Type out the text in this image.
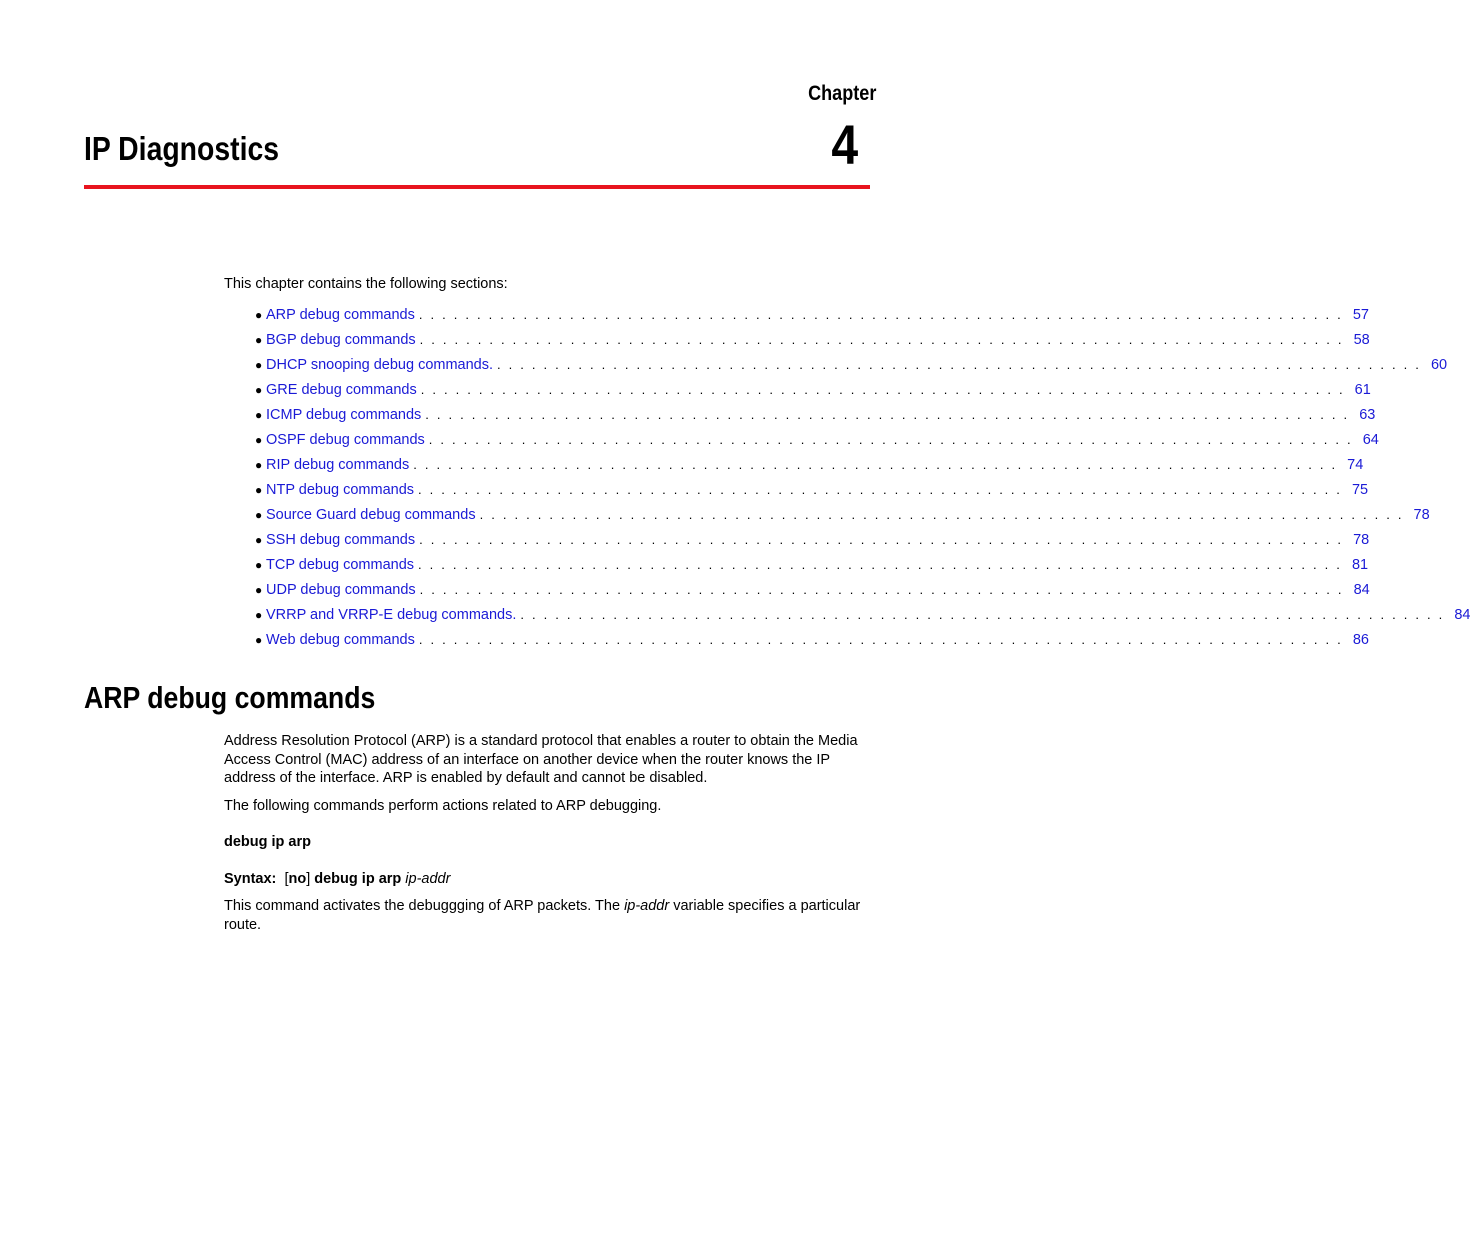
Chapter
4
IP Diagnostics

This chapter contains the following sections:

● ARP debug commands . . . . . . . . . . . . . . . . . . . . . . . . . . . . . . . . . . . . . . . . . . . . . . . . . . . . . . . . . . . . . . . . . . . . . . . . . . . . . . . . 57
● BGP debug commands . . . . . . . . . . . . . . . . . . . . . . . . . . . . . . . . . . . . . . . . . . . . . . . . . . . . . . . . . . . . . . . . . . . . . . . . . . . . . . . . 58
● DHCP snooping debug commands. . . . . . . . . . . . . . . . . . . . . . . . . . . . . . . . . . . . . . . . . . . . . . . . . . . . . . . . . . . . . . . . . . . . . . . . . . . . . . . . . 60
● GRE debug commands . . . . . . . . . . . . . . . . . . . . . . . . . . . . . . . . . . . . . . . . . . . . . . . . . . . . . . . . . . . . . . . . . . . . . . . . . . . . . . . . 61
● ICMP debug commands . . . . . . . . . . . . . . . . . . . . . . . . . . . . . . . . . . . . . . . . . . . . . . . . . . . . . . . . . . . . . . . . . . . . . . . . . . . . . . . . 63
● OSPF debug commands . . . . . . . . . . . . . . . . . . . . . . . . . . . . . . . . . . . . . . . . . . . . . . . . . . . . . . . . . . . . . . . . . . . . . . . . . . . . . . . . 64
● RIP debug commands . . . . . . . . . . . . . . . . . . . . . . . . . . . . . . . . . . . . . . . . . . . . . . . . . . . . . . . . . . . . . . . . . . . . . . . . . . . . . . . . 74
● NTP debug commands . . . . . . . . . . . . . . . . . . . . . . . . . . . . . . . . . . . . . . . . . . . . . . . . . . . . . . . . . . . . . . . . . . . . . . . . . . . . . . . . 75
● Source Guard debug commands . . . . . . . . . . . . . . . . . . . . . . . . . . . . . . . . . . . . . . . . . . . . . . . . . . . . . . . . . . . . . . . . . . . . . . . . . . . . . . . . 78
● SSH debug commands . . . . . . . . . . . . . . . . . . . . . . . . . . . . . . . . . . . . . . . . . . . . . . . . . . . . . . . . . . . . . . . . . . . . . . . . . . . . . . . . 78
● TCP debug commands . . . . . . . . . . . . . . . . . . . . . . . . . . . . . . . . . . . . . . . . . . . . . . . . . . . . . . . . . . . . . . . . . . . . . . . . . . . . . . . . 81
● UDP debug commands . . . . . . . . . . . . . . . . . . . . . . . . . . . . . . . . . . . . . . . . . . . . . . . . . . . . . . . . . . . . . . . . . . . . . . . . . . . . . . . . 84
● VRRP and VRRP-E debug commands. . . . . . . . . . . . . . . . . . . . . . . . . . . . . . . . . . . . . . . . . . . . . . . . . . . . . . . . . . . . . . . . . . . . . . . . . . . . . . . . . 84
● Web debug commands . . . . . . . . . . . . . . . . . . . . . . . . . . . . . . . . . . . . . . . . . . . . . . . . . . . . . . . . . . . . . . . . . . . . . . . . . . . . . . . . 86
ARP debug commands

Address Resolution Protocol (ARP) is a standard protocol that enables a router to obtain the Media Access Control (MAC) address of an interface on another device when the router knows the IP address of the interface. ARP is enabled by default and cannot be disabled.

The following commands perform actions related to ARP debugging.

debug ip arp

Syntax: [no] debug ip arp ip-addr

This command activates the debuggging of ARP packets. The ip-addr variable specifies a particular route.
